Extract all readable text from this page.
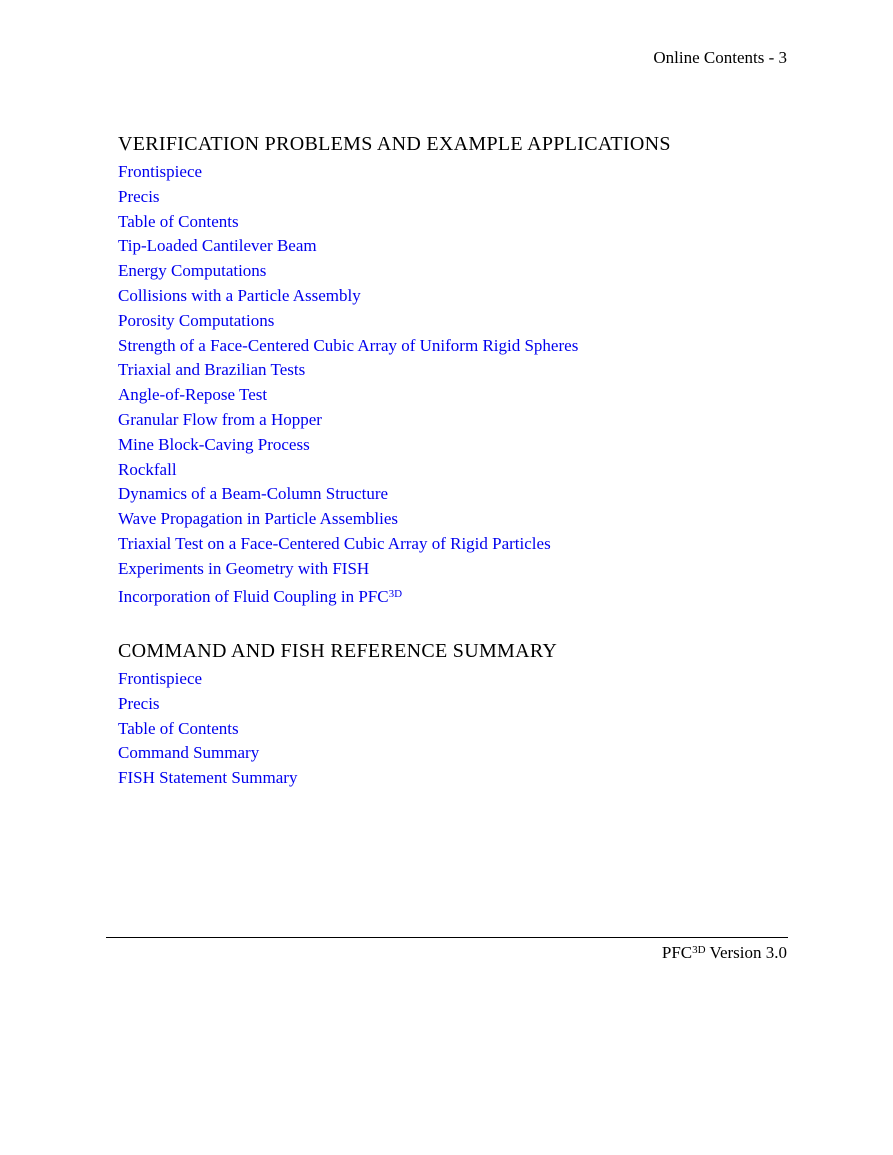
Online Contents - 3
VERIFICATION PROBLEMS AND EXAMPLE APPLICATIONS
Frontispiece
Precis
Table of Contents
Tip-Loaded Cantilever Beam
Energy Computations
Collisions with a Particle Assembly
Porosity Computations
Strength of a Face-Centered Cubic Array of Uniform Rigid Spheres
Triaxial and Brazilian Tests
Angle-of-Repose Test
Granular Flow from a Hopper
Mine Block-Caving Process
Rockfall
Dynamics of a Beam-Column Structure
Wave Propagation in Particle Assemblies
Triaxial Test on a Face-Centered Cubic Array of Rigid Particles
Experiments in Geometry with FISH
Incorporation of Fluid Coupling in $PFC^{3D}$
COMMAND AND FISH REFERENCE SUMMARY
Frontispiece
Precis
Table of Contents
Command Summary
FISH Statement Summary
$PFC^{3D}$ Version 3.0
